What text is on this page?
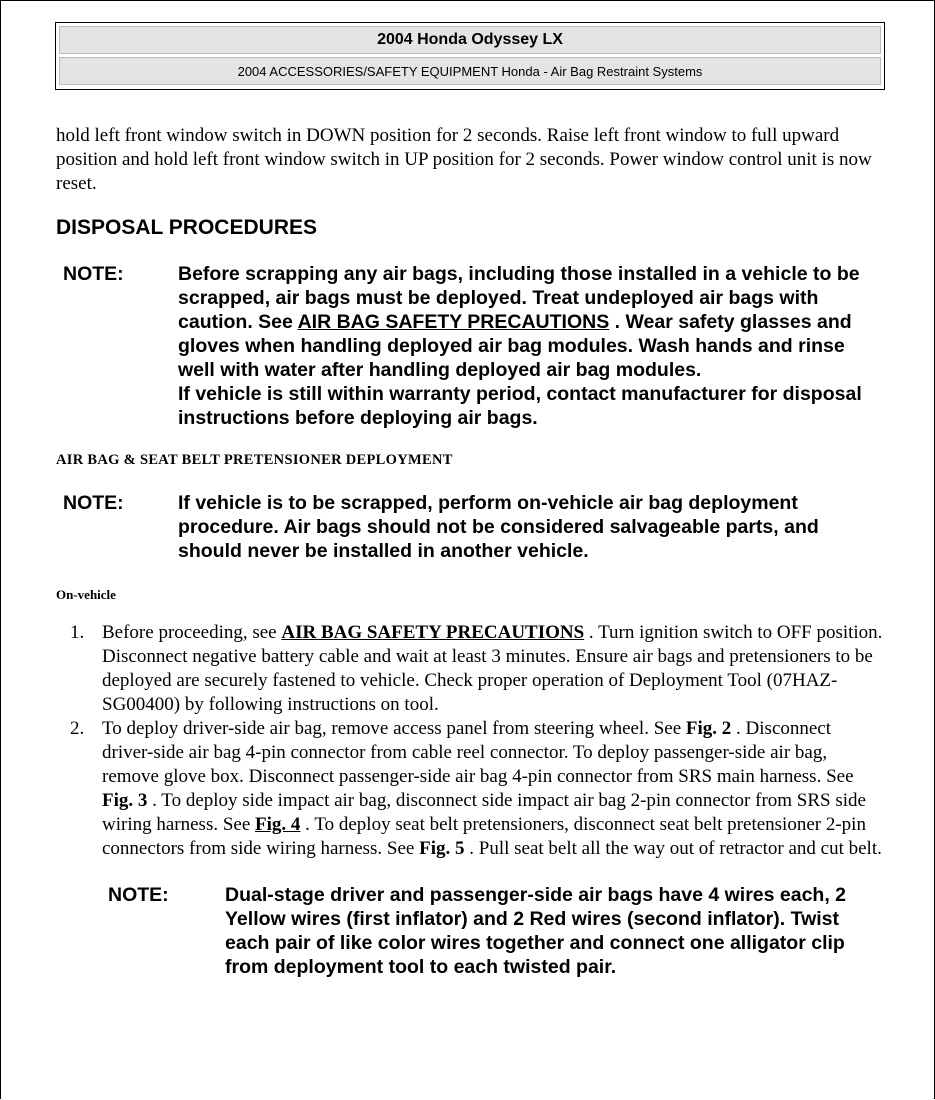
2004 Honda Odyssey LX
2004 ACCESSORIES/SAFETY EQUIPMENT Honda - Air Bag Restraint Systems

hold left front window switch in DOWN position for 2 seconds. Raise left front window to full upward position and hold left front window switch in UP position for 2 seconds. Power window control unit is now reset.

DISPOSAL PROCEDURES
NOTE:	Before scrapping any air bags, including those installed in a vehicle to be scrapped, air bags must be deployed. Treat undeployed air bags with caution. See AIR BAG SAFETY PRECAUTIONS . Wear safety glasses and gloves when handling deployed air bag modules. Wash hands and rinse well with water after handling deployed air bag modules.
If vehicle is still within warranty period, contact manufacturer for disposal instructions before deploying air bags.
AIR BAG & SEAT BELT PRETENSIONER DEPLOYMENT
NOTE:	If vehicle is to be scrapped, perform on-vehicle air bag deployment procedure. Air bags should not be considered salvageable parts, and should never be installed in another vehicle.
On-vehicle
1. Before proceeding, see AIR BAG SAFETY PRECAUTIONS . Turn ignition switch to OFF position. Disconnect negative battery cable and wait at least 3 minutes. Ensure air bags and pretensioners to be deployed are securely fastened to vehicle. Check proper operation of Deployment Tool (07HAZ-SG00400) by following instructions on tool.
2. To deploy driver-side air bag, remove access panel from steering wheel. See Fig. 2 . Disconnect driver-side air bag 4-pin connector from cable reel connector. To deploy passenger-side air bag, remove glove box. Disconnect passenger-side air bag 4-pin connector from SRS main harness. See Fig. 3 . To deploy side impact air bag, disconnect side impact air bag 2-pin connector from SRS side wiring harness. See Fig. 4 . To deploy seat belt pretensioners, disconnect seat belt pretensioner 2-pin connectors from side wiring harness. See Fig. 5 . Pull seat belt all the way out of retractor and cut belt.
NOTE:	Dual-stage driver and passenger-side air bags have 4 wires each, 2 Yellow wires (first inflator) and 2 Red wires (second inflator). Twist each pair of like color wires together and connect one alligator clip from deployment tool to each twisted pair.
